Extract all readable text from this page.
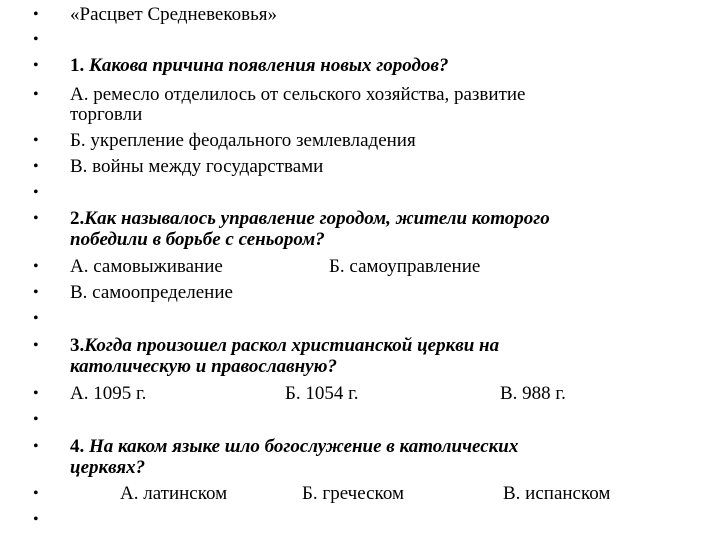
• «Расцвет Средневековья»
•
• 1. Какова причина появления новых городов?
• А. ремесло отделилось от сельского хозяйства, развитие
торговли
• Б. укрепление феодального землевладения
• В. войны между государствами
•
• 2.Как называлось управление городом, жители которого
победили в борьбе с сеньором?
• А. самовыживание	Б. самоуправление
• В. самоопределение
•
• 3.Когда произошел раскол христианской церкви на
католическую и православную?
• А. 1095 г.	Б. 1054 г.	В. 988 г.
•
• 4. На каком языке шло богослужение в католических
церквях?
•	А. латинском	Б. греческом	В. испанском
•
